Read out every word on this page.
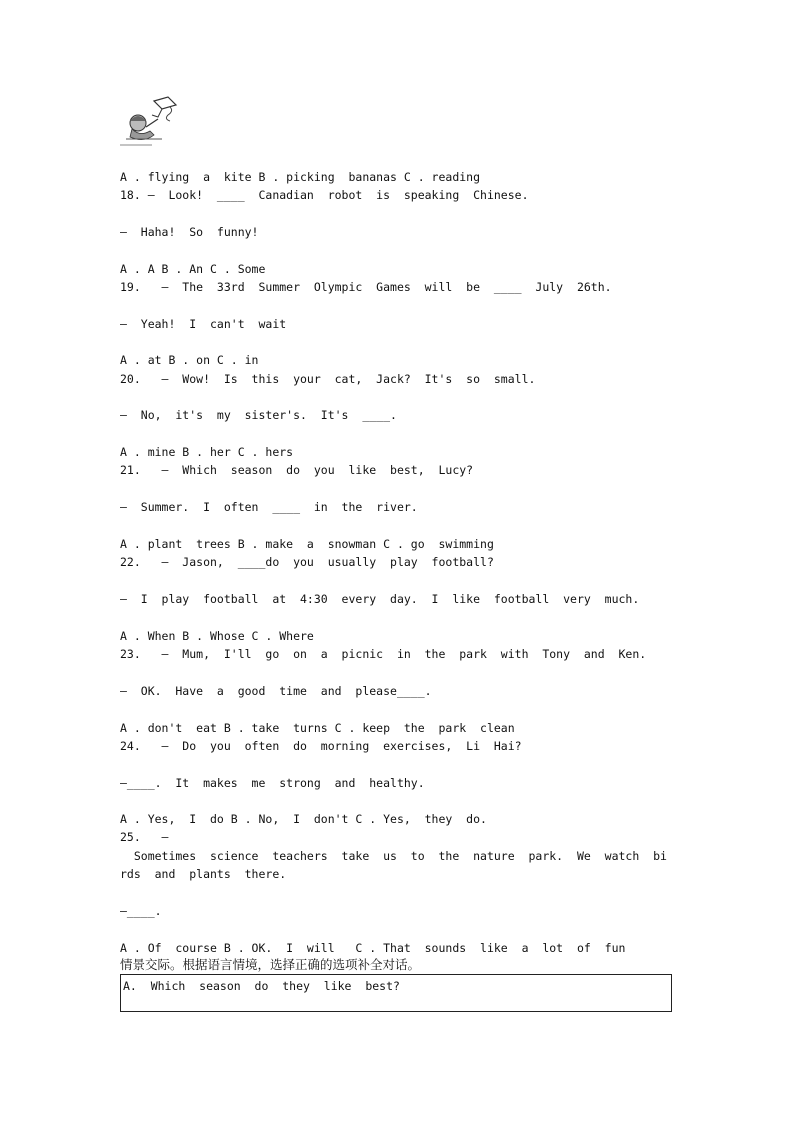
A . flying  a  kite B . picking  bananas C . reading
18. —  Look!  ____  Canadian  robot  is  speaking  Chinese.
—  Haha!  So  funny!
A . A B . An C . Some
19.   —  The  33rd  Summer  Olympic  Games  will  be  ____  July  26th.
—  Yeah!  I  can't  wait
A . at B . on C . in
20.   —  Wow!  Is  this  your  cat,  Jack?  It's  so  small.
—  No,  it's  my  sister's.  It's  ____.
A . mine B . her C . hers
21.   —  Which  season  do  you  like  best,  Lucy?
—  Summer.  I  often  ____  in  the  river.
A . plant  trees B . make  a  snowman C . go  swimming
22.   —  Jason,  ____do  you  usually  play  football?
—  I  play  football  at  4:30  every  day.  I  like  football  very  much.
A . When B . Whose C . Where
23.   —  Mum,  I'll  go  on  a  picnic  in  the  park  with  Tony  and  Ken.
—  OK.  Have  a  good  time  and  please____.
A . don't  eat B . take  turns C . keep  the  park  clean
24.   —  Do  you  often  do  morning  exercises,  Li  Hai?
—____.  It  makes  me  strong  and  healthy.
A . Yes,  I  do B . No,  I  don't C . Yes,  they  do.
25.   —
Sometimes  science  teachers  take  us  to  the  nature  park.  We  watch  bi
rds  and  plants  there.
—____.
A . Of  course B . OK.  I  will   C . That  sounds  like  a  lot  of  fun
情景交际。根据语言情境，选择正确的选项补全对话。
A.  Which  season  do  they  like  best?
